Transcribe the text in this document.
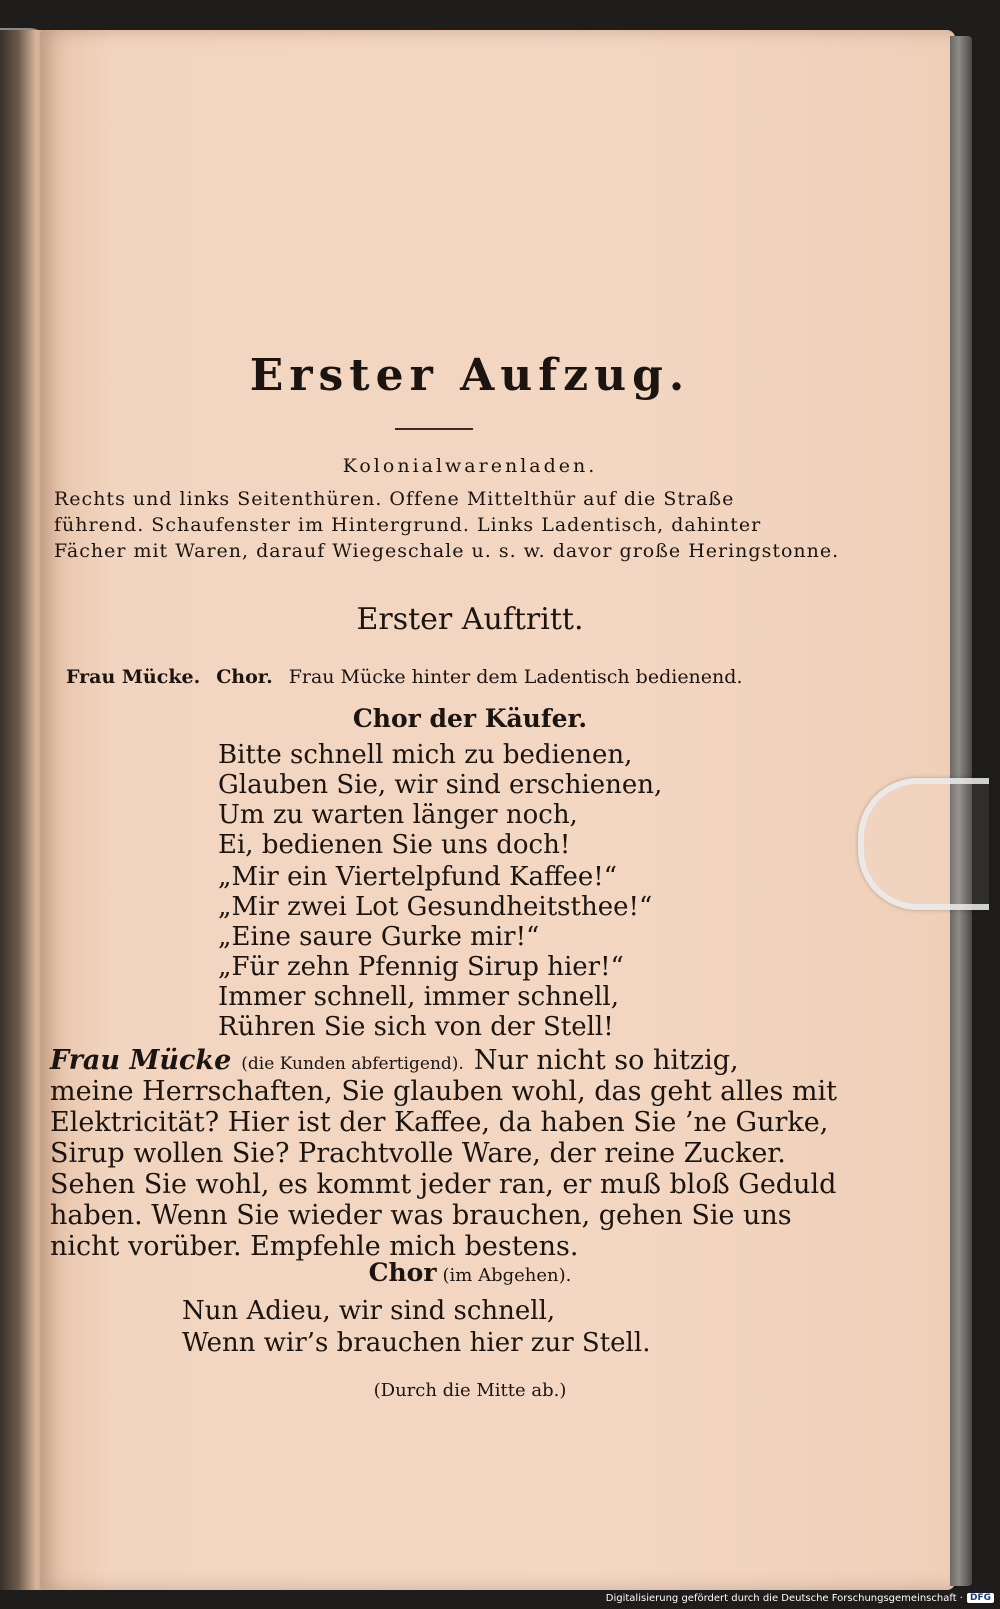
Erster Aufzug.

Kolonialwarenladen.

Rechts und links Seitenthüren. Offene Mittelthür auf die Straße

führend. Schaufenster im Hintergrund. Links Ladentisch, dahinter

Fächer mit Waren, darauf Wiegeschale u. s. w. davor große Heringstonne.

Erster Auftritt.

Frau Mücke. Chor. Frau Mücke hinter dem Ladentisch bedienend.

Chor der Käufer.

Bitte schnell mich zu bedienen,

Glauben Sie, wir sind erschienen,

Um zu warten länger noch,

Ei, bedienen Sie uns doch!

„Mir ein Viertelpfund Kaffee!“

„Mir zwei Lot Gesundheitsthee!“

„Eine saure Gurke mir!“

„Für zehn Pfennig Sirup hier!“

Immer schnell, immer schnell,

Rühren Sie sich von der Stell!

Frau Mücke (die Kunden abfertigend). Nur nicht so hitzig,

meine Herrschaften, Sie glauben wohl, das geht alles mit

Elektricität? Hier ist der Kaffee, da haben Sie ’ne Gurke,

Sirup wollen Sie? Prachtvolle Ware, der reine Zucker.

Sehen Sie wohl, es kommt jeder ran, er muß bloß Geduld

haben. Wenn Sie wieder was brauchen, gehen Sie uns

nicht vorüber. Empfehle mich bestens.

Chor (im Abgehen).

Nun Adieu, wir sind schnell,

Wenn wir’s brauchen hier zur Stell.

(Durch die Mitte ab.)

Digitalisierung gefördert durch die Deutsche Forschungsgemeinschaft · DFG
